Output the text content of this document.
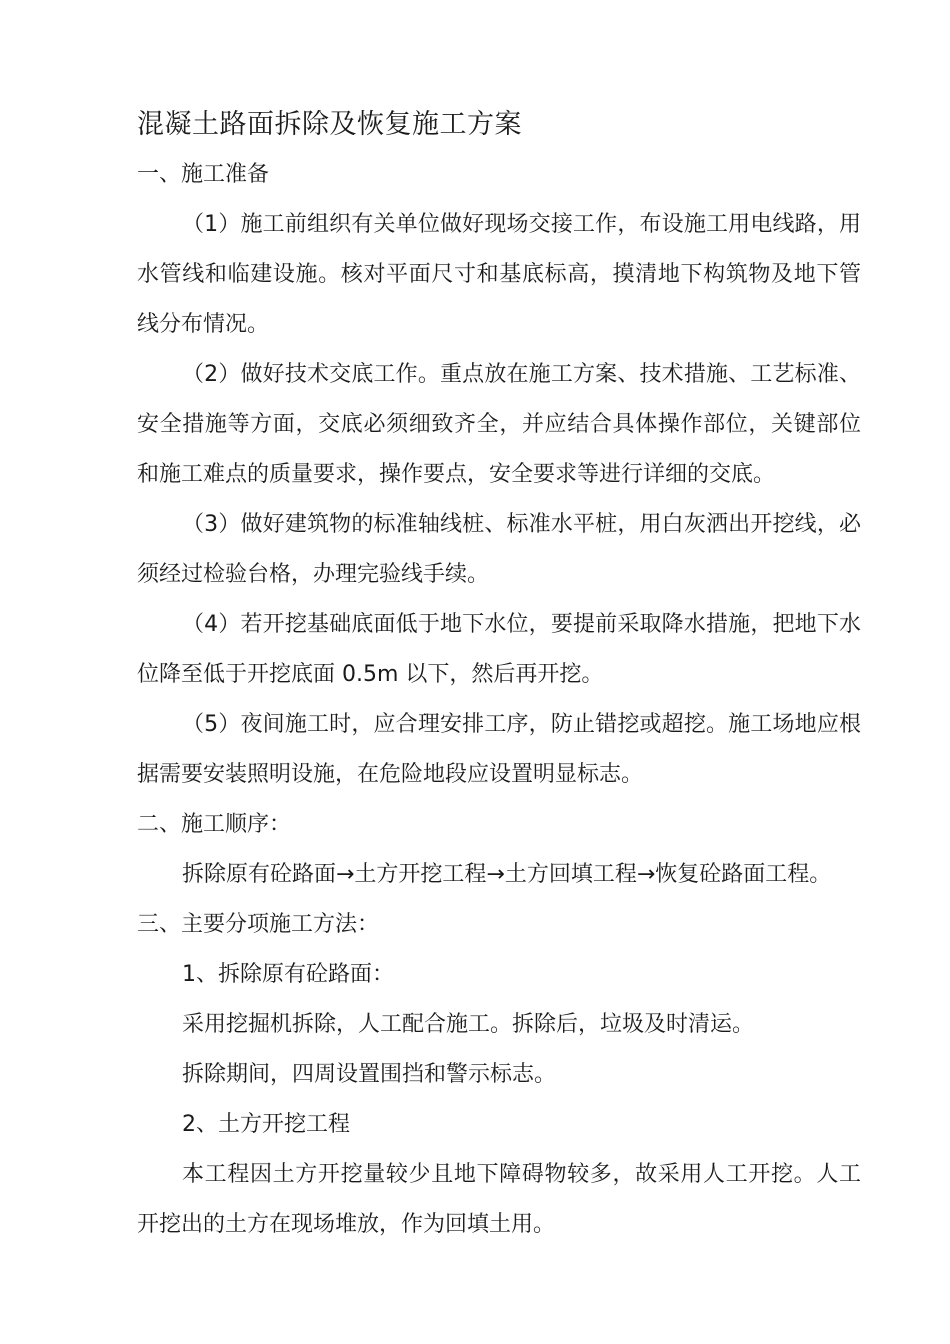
混凝土路面拆除及恢复施工方案

一、施工准备

（1）施工前组织有关单位做好现场交接工作，布设施工用电线路，用

水管线和临建设施。核对平面尺寸和基底标高，摸清地下构筑物及地下管

线分布情况。

（2）做好技术交底工作。重点放在施工方案、技术措施、工艺标准、

安全措施等方面，交底必须细致齐全，并应结合具体操作部位，关键部位

和施工难点的质量要求，操作要点，安全要求等进行详细的交底。

（3）做好建筑物的标准轴线桩、标准水平桩，用白灰洒出开挖线，必

须经过检验台格，办理完验线手续。

（4）若开挖基础底面低于地下水位，要提前采取降水措施，把地下水

位降至低于开挖底面 0.5m 以下，然后再开挖。

（5）夜间施工时，应合理安排工序，防止错挖或超挖。施工场地应根

据需要安装照明设施，在危险地段应设置明显标志。

二、施工顺序：

拆除原有砼路面→土方开挖工程→土方回填工程→恢复砼路面工程。

三、主要分项施工方法：

1、拆除原有砼路面：

采用挖掘机拆除，人工配合施工。拆除后，垃圾及时清运。

拆除期间，四周设置围挡和警示标志。

2、土方开挖工程

本工程因土方开挖量较少且地下障碍物较多，故采用人工开挖。人工

开挖出的土方在现场堆放，作为回填土用。
